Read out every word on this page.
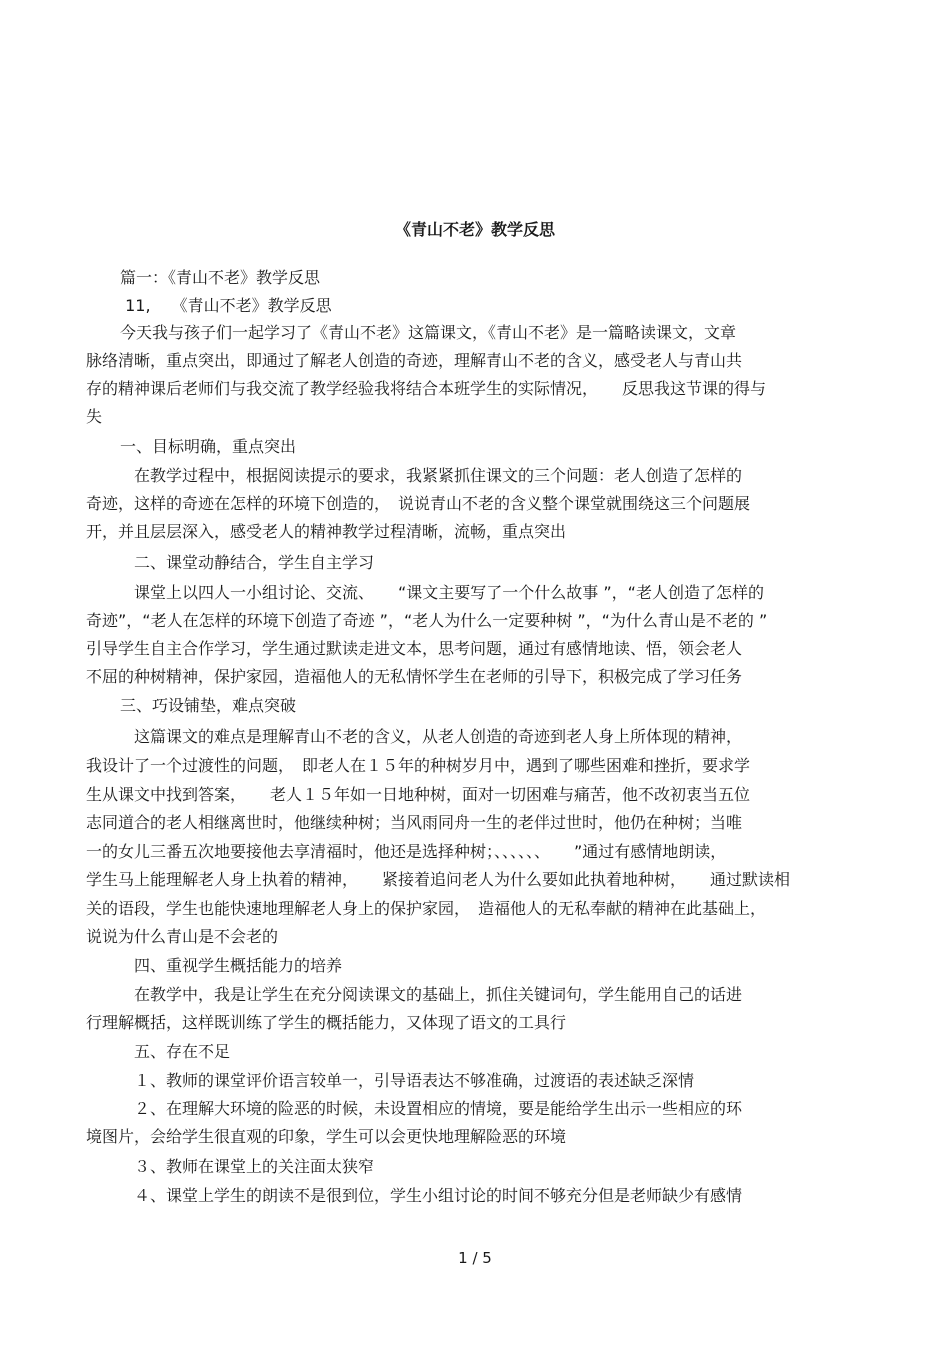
《青山不老》教学反思

篇一：《青山不老》教学反思

11,　 《青山不老》教学反思

今天我与孩子们一起学习了《青山不老》这篇课文，《青山不老》是一篇略读课文，文章

脉络清晰，重点突出，即通过了解老人创造的奇迹，理解青山不老的含义，感受老人与青山共

存的精神课后老师们与我交流了教学经验我将结合本班学生的实际情况，　　反思我这节课的得与

失

一、目标明确，重点突出

在教学过程中，根据阅读提示的要求，我紧紧抓住课文的三个问题：老人创造了怎样的

奇迹，这样的奇迹在怎样的环境下创造的，　说说青山不老的含义整个课堂就围绕这三个问题展

开，并且层层深入，感受老人的精神教学过程清晰，流畅，重点突出

二、课堂动静结合，学生自主学习

课堂上以四人一小组讨论、交流、　　“课文主要写了一个什么故事 ”，“老人创造了怎样的

奇迹”，“老人在怎样的环境下创造了奇迹 ”，“老人为什么一定要种树 ”，“为什么青山是不老的 ”

引导学生自主合作学习，学生通过默读走进文本，思考问题，通过有感情地读、悟，领会老人

不屈的种树精神，保护家园，造福他人的无私情怀学生在老师的引导下，积极完成了学习任务

三、巧设铺垫，难点突破

这篇课文的难点是理解青山不老的含义，从老人创造的奇迹到老人身上所体现的精神，

我设计了一个过渡性的问题，　即老人在１５年的种树岁月中，遇到了哪些困难和挫折，要求学

生从课文中找到答案，　　老人１５年如一日地种树，面对一切困难与痛苦，他不改初衷当五位

志同道合的老人相继离世时，他继续种树；当风雨同舟一生的老伴过世时，他仍在种树；当唯

一的女儿三番五次地要接他去享清福时，他还是选择种树；、、、、、、　　”通过有感情地朗读，

学生马上能理解老人身上执着的精神，　　紧接着追问老人为什么要如此执着地种树，　　通过默读相

关的语段，学生也能快速地理解老人身上的保护家园，　造福他人的无私奉献的精神在此基础上，

说说为什么青山是不会老的

四、重视学生概括能力的培养

在教学中，我是让学生在充分阅读课文的基础上，抓住关键词句，学生能用自己的话进

行理解概括，这样既训练了学生的概括能力，又体现了语文的工具行

五、存在不足

１、教师的课堂评价语言较单一，引导语表达不够准确，过渡语的表述缺乏深情

２、在理解大环境的险恶的时候，未设置相应的情境，要是能给学生出示一些相应的环

境图片，会给学生很直观的印象，学生可以会更快地理解险恶的环境

３、教师在课堂上的关注面太狭窄

４、课堂上学生的朗读不是很到位，学生小组讨论的时间不够充分但是老师缺少有感情

1 / 5
